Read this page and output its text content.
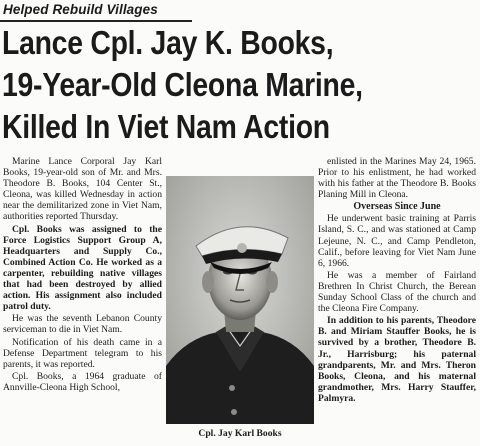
Helped Rebuild Villages
Lance Cpl. Jay K. Books,
19-Year-Old Cleona Marine,
Killed In Viet Nam Action

Marine Lance Corporal Jay Karl Books, 19-year-old son of Mr. and Mrs. Theodore B. Books, 104 Center St., Cleona, was killed Wednesday in action near the demilitarized zone in Viet Nam, authorities reported Thursday.

Cpl. Books was assigned to the Force Logistics Support Group A, Headquarters and Supply Co., Combined Action Co. He worked as a carpenter, rebuilding native villages that had been destroyed by allied action. His assignment also included patrol duty.

He was the seventh Lebanon County serviceman to die in Viet Nam.

Notification of his death came in a Defense Department telegram to his parents, it was reported.

Cpl. Books, a 1964 graduate of Annville-Cleona High School,

Cpl. Jay Karl Books

enlisted in the Marines May 24, 1965. Prior to his enlistment, he had worked with his father at the Theodore B. Books Planing Mill in Cleona.

Overseas Since June

He underwent basic training at Parris Island, S. C., and was stationed at Camp Lejeune, N. C., and Camp Pendleton, Calif., before leaving for Viet Nam June 6, 1966.

He was a member of Fairland Brethren In Christ Church, the Berean Sunday School Class of the church and the Cleona Fire Company.

In addition to his parents, Theodore B. and Miriam Stauffer Books, he is survived by a brother, Theodore B. Jr., Harrisburg; his paternal grandparents, Mr. and Mrs. Theron Books, Cleona, and his maternal grandmother, Mrs. Harry Stauffer, Palmyra.
